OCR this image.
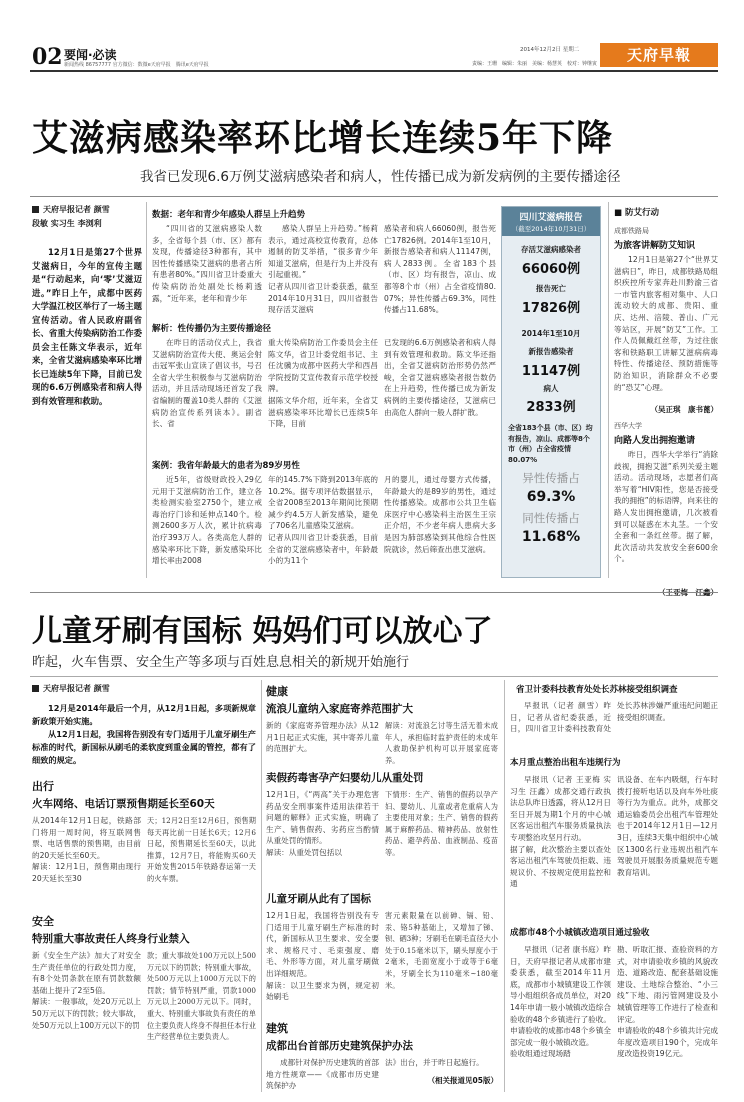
02 要闻·必读
新闻热线 86757777 官方微信：数微e天府早报　腾讯e天府早报
2014年12月2日 星期二
责编：王珊　编辑：朱丽　美编：杨慧英　校对：钟继寅	天府早報
艾滋病感染率环比增长连续5年下降
我省已发现6.6万例艾滋病感染者和病人，性传播已成为新发病例的主要传播途径
天府早报记者 颜雪
段敏 实习生 李浏利
12月1日是第27个世界艾滋病日，今年的宣传主题是“行动起来，向‘零’艾滋迈进。”昨日上午，成都中医药大学温江校区举行了一场主题宣传活动。省人民政府副省长、省重大传染病防治工作委员会主任陈文华表示，近年来，全省艾滋病感染率环比增长已连续5年下降，目前已发现的6.6万例感染者和病人得到有效管理和救助。
数据：老年和青少年感染人群呈上升趋势
“四川省的艾滋病感染人数多，全省每个县（市、区）都有发现，传播途径3种都有，其中因性传播感染艾滋病的患者占所有患者80%。”四川省卫计委重大传染病防治处副处长杨莉透露，“近年来，老年和青少年
感染人群呈上升趋势。”杨莉表示，通过高校宣传教育，总体遏制的防艾举措，“很多青少年知道艾滋病，但是行为上并没有引起重视。”
记者从四川省卫计委获悉，截至2014年10月31日，四川省报告现存活艾滋病
感染者和病人66060例，报告死亡17826例。2014年1至10月，新报告感染者和病人11147例，病人2833例。全省183个县（市、区）均有报告，凉山、成都等8个市（州）占全省疫情80.07%；异性传播占69.3%，同性传播占11.68%。
解析：性传播仍为主要传播途径
在昨日的活动仪式上，我省艾滋病防治宣传大使、奥运会射击冠军张山宣读了倡议书，号召全省大学生积极参与艾滋病防治活动，并且活动现场还首发了我省编制的覆盖10类人群的《艾滋病防治宣传系列读本》。副省长、省
重大传染病防治工作委员会主任陈文华，省卫计委党组书记、主任沈骥为成都中医药大学和西昌学院授防艾宣传教育示范学校授牌。
据陈文华介绍，近年来，全省艾滋病感染率环比增长已连续5年下降，目前
已发现的6.6万例感染者和病人得到有效管理和救助。陈文华还指出，全省艾滋病防治形势仍然严峻，全省艾滋病感染者报告数仍在上升趋势，性传播已成为新发病例的主要传播途径，艾滋病已由高危人群向一般人群扩散。
案例：我省年龄最大的患者为89岁男性
近5年，省级财政投入29亿元用于艾滋病防治工作，建立各类检测实验室2750个，建立戒毒治疗门诊和延伸点140个。检测2600多万人次，累计抗病毒治疗393万人。各类高危人群的感染率环比下降，新发感染环比增长率由2008
年的145.7%下降到2013年底的10.2%。据专项评估数据显示，全省2008至2013年期间比预期减少约4.5万人新发感染，避免了706名儿童感染艾滋病。
记者从四川省卫计委获悉，目前全省的艾滋病感染者中，年龄最小的为11个
月的婴儿，通过母婴方式传播，年龄最大的是89岁的男性，通过性传播感染。成都市公共卫生临床医疗中心感染科主治医生王宗正介绍，不少老年病人患病大多是因为肺部感染到其他综合性医院就诊，然后筛查出患艾滋病。
四川艾滋病报告
（截至2014年10月31日）
存活艾滋病感染者
66060例
报告死亡
17826例
2014年1至10月
新报告感染者
11147例
病人
2833例
全省183个县（市、区）均有报告，凉山、成都等8个市（州）占全省疫情80.07%
异性传播占
69.3%
同性传播占
11.68%
■ 防艾行动
成都铁路局
为旅客讲解防艾知识
12月1日是第27个“世界艾滋病日”，昨日，成都铁路局组织疾控所专家奔赴川黔渝三省一市管内旅客相对集中、人口流动较大的成都、贵阳、重庆、达州、涪陵、普山、广元等站区，开展“防艾”工作。工作人员佩戴红丝带，为过往旅客和铁路职工讲解艾滋病病毒特性、传播途径、预防措施等防治知识，消除群众不必要的“恐艾”心理。
（吴正琪　康书蓖）
西华大学
向路人发出拥抱邀请
昨日，西华大学举行“消除歧视，拥抱艾滋”系列关爱主题活动。活动现场，志愿者们高举写着“HIV阳性，您是否接受我的拥抱”的标语牌，向来往的路人发出拥抱邀请，几次被看到可以疑惑在木丸茎。一个安全套和一条红丝带。据了解，此次活动共发放安全套600余个。
儿童牙刷有国标 妈妈们可以放心了
昨起，火车售票、安全生产等多项与百姓息息相关的新规开始施行
天府早报记者 颜雪
12月是2014年最后一个月，从12月1日起，多项新规章新政策开始实施。
从12月1日起，我国将告别没有专门适用于儿童牙刷生产标准的时代，新国标从刷毛的柔软度到重金属的管控，都有了细致的规定。
出行
火车网络、电话订票预售期延长至60天
从2014年12月1日起，铁路部门将用一周时间，将互联网售票、电话售票的预售期，由目前的20天延长至60天。
解读：12月1日，预售期由现行20天延长至30
天；12月2日至12月6日，预售期每天再比前一日延长6天；12月6日起，预售期延长至60天，以此推算，12月7日，将能购买60天开始发售2015年铁路春运第一天的火车票。
安全
特别重大事故责任人终身行业禁入
新《安全生产法》加大了对安全生产责任单位的行政处罚力度，有8个处罚条款在原有罚款数额基础上提升了2至5倍。
解读：一般事故，处20万元以上50万元以下的罚款；较大事故，处50万元以上100万元以下的罚
款；重大事故处100万元以上500万元以下的罚款；特别重大事故，处500万元以上1000万元以下的罚款；情节特别严重，罚款1000万元以上2000万元以下。同时，重大、特别重大事故负有责任的单位主要负责人终身不得担任本行业生产经营单位主要负责人。
健康
流浪儿童纳入家庭寄养范围扩大
新的《家庭寄养管理办法》从12月1日起正式实施，其中寄养儿童的范围扩大。
解读：对流浪乞讨等生活无着未成年人，承担临时监护责任的未成年人救助保护机构可以开展家庭寄养。
卖假药毒害孕产妇婴幼儿从重处罚
12月1日，《“两高”关于办理危害药品安全刑事案件适用法律若干问题的解释》正式实施，明确了生产、销售假药、劣药应当酌情从重处罚的情形。
解读：从重处罚包括以
下情形：生产、销售的假药以孕产妇、婴幼儿、儿童或者危重病人为主要使用对象；生产、销售的假药属于麻醉药品、精神药品、放射性药品、避孕药品、血液制品、疫苗等。
儿童牙刷从此有了国标
12月1日起，我国将告别没有专门适用于儿童牙刷生产标准的时代，新国标从卫生要求、安全要求、规格尺寸、毛束强度、磨毛、外形等方面，对儿童牙刷做出详细规范。
解读：以卫生要求为例，规定初始刷毛
害元素限量在以前砷、镉、铅、汞、铬5种基础上，又增加了锑、钡、硒3种；牙刷毛在刷毛直径大小处于0.15毫米以下，刷头厚度小于2毫米，毛面宽度小于或等于6毫米，牙刷全长为110毫米~180毫米。
建筑
成都出台首部历史建筑保护办法
成都针对保护历史建筑的首部地方性规章——《成都市历史建筑保护办
法》出台，并于昨日起施行。
（相关报道见05版）
省卫计委科技教育处处长苏林接受组织调查
早报讯（记者 颜雪）昨日，记者从省纪委获悉，近日，四川省卫计委科技教育处处长苏林涉嫌严重违纪问题正接受组织调查。
本月重点整治出租车违规行为
早报讯（记者 王亚梅 实习生 汪鑫）成都交通行政执法总队昨日透露，将从12月日至日开展为期1个月的中心城区客运出租汽车服务质量执法专项整治攻坚月行动。
据了解，此次整治主要以查处客运出租汽车驾驶员拒载、违规议价、不按规定使用监控和通
讯设备、在车内吸烟，行车时拨打接听电话以及向车外吐痰等行为为重点。此外，成都交通运输委员会出租汽车管理处也于2014年12月1日—12月3日，连续3天集中组织中心城区1300名行业违规出租汽车驾驶员开展服务质量规范专题教育培训。
成都市48个小城镇改造项目通过验收
早报讯（记者 康书庭）昨日，天府早报记者从成都市建委获悉，截至2014年11月底，成都市小城镇建设工作领导小组组织各成员单位，对2014年申请一般小城镇改造综合验收的48个乡镇进行了验收。申请验收的成都市48个乡镇全部完成一般小城镇改造。
验收组通过现场踏
勘、听取汇报、查验资料的方式，对申请验收乡镇的风貌改造、道路改造、配套基础设施建设、土地综合整治、“小三线”下地、雨污管网建设及小城镇管理等工作进行了检查和评定。
申请验收的48个乡镇共计完成年度改造项目190个，完成年度改造投资19亿元。
